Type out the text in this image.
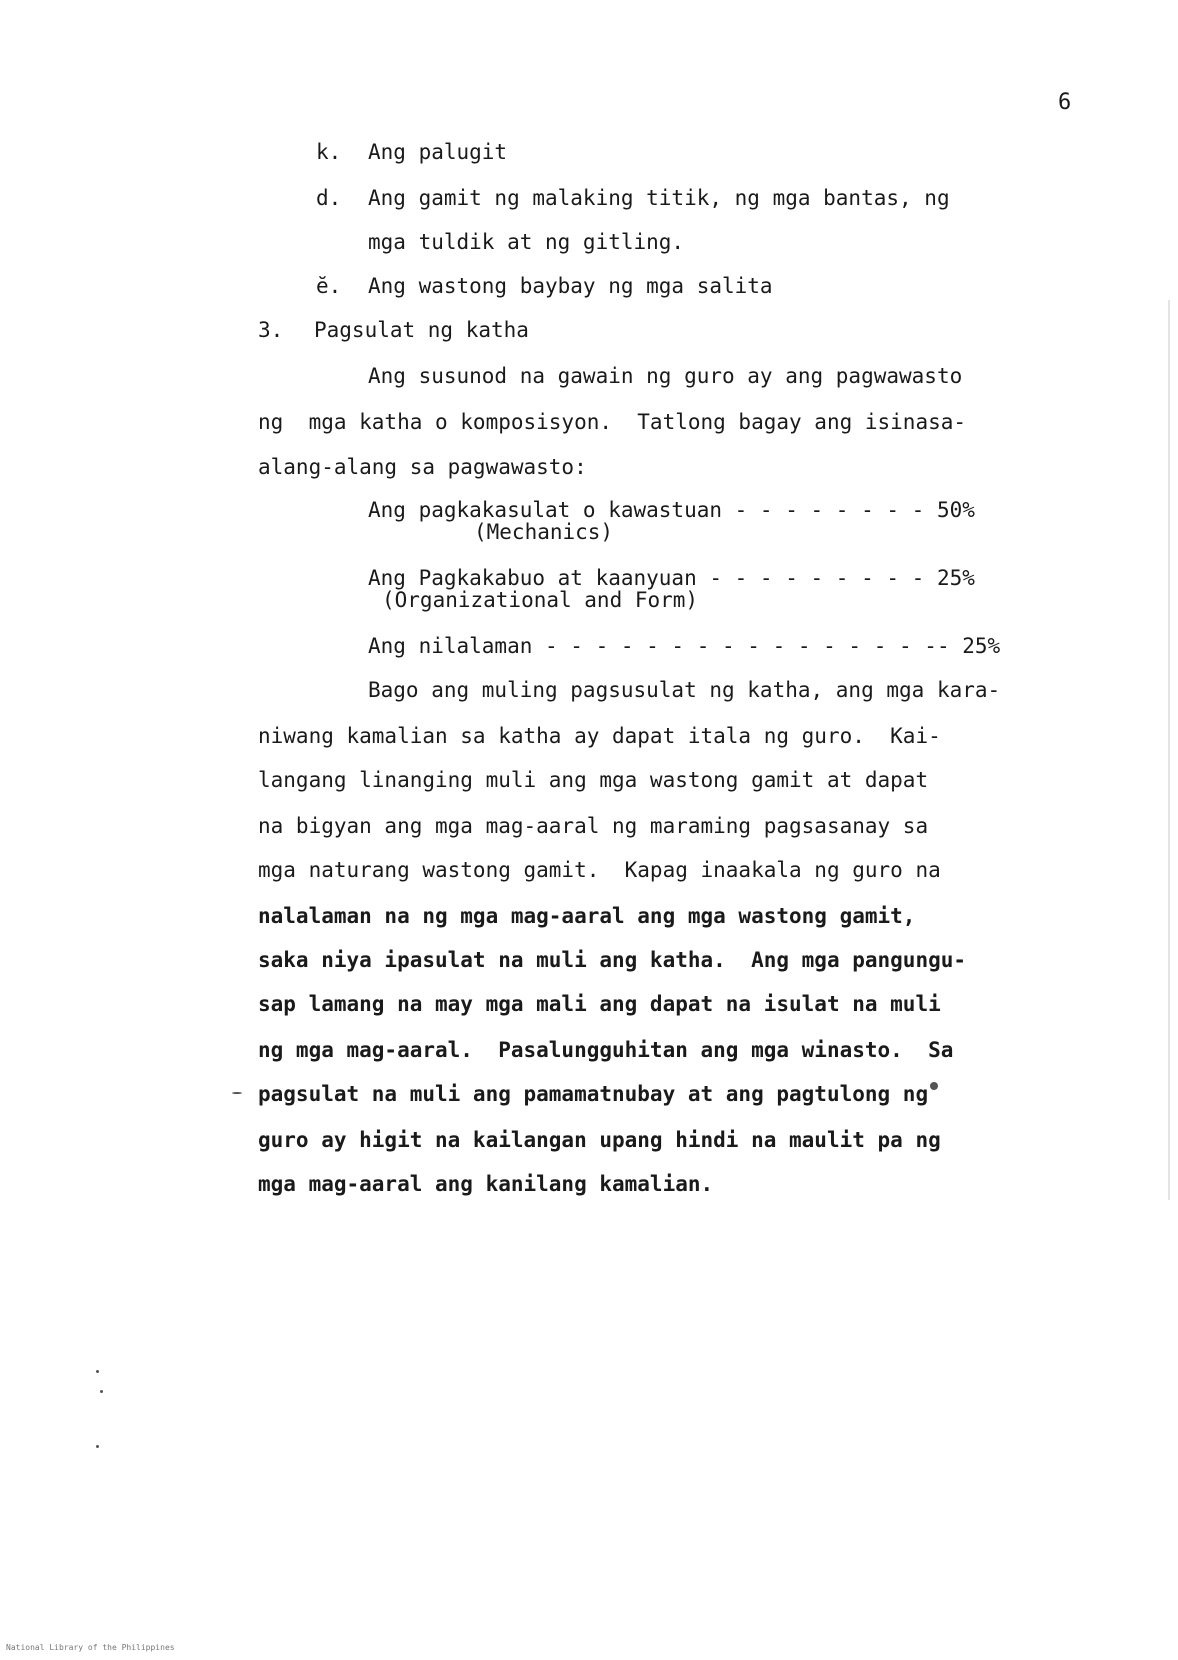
6
k. Ang palugit
d. Ang gamit ng malaking titik, ng mga bantas, ng
mga tuldik at ng gitling.
ĕ. Ang wastong baybay ng mga salita
3. Pagsulat ng katha
Ang susunod na gawain ng guro ay ang pagwawasto
ng  mga katha o komposisyon.  Tatlong bagay ang isinasa-
alang-alang sa pagwawasto:
Ang pagkakasulat o kawastuan - - - - - - - - 50%
(Mechanics)
Ang Pagkakabuo at kaanyuan - - - - - - - - - 25%
(Organizational and Form)
Ang nilalaman - - - - - - - - - - - - - - - -- 25%
Bago ang muling pagsusulat ng katha, ang mga kara-
niwang kamalian sa katha ay dapat itala ng guro.  Kai-
langang linanging muli ang mga wastong gamit at dapat
na bigyan ang mga mag-aaral ng maraming pagsasanay sa
mga naturang wastong gamit.  Kapag inaakala ng guro na
nalalaman na ng mga mag-aaral ang mga wastong gamit,
saka niya ipasulat na muli ang katha.  Ang mga pangungu-
sap lamang na may mga mali ang dapat na isulat na muli
ng mga mag-aaral.  Pasalungguhitan ang mga winasto.  Sa
pagsulat na muli ang pamamatnubay at ang pagtulong ng
guro ay higit na kailangan upang hindi na maulit pa ng
mga mag-aaral ang kanilang kamalian.
National Library of the Philippines
